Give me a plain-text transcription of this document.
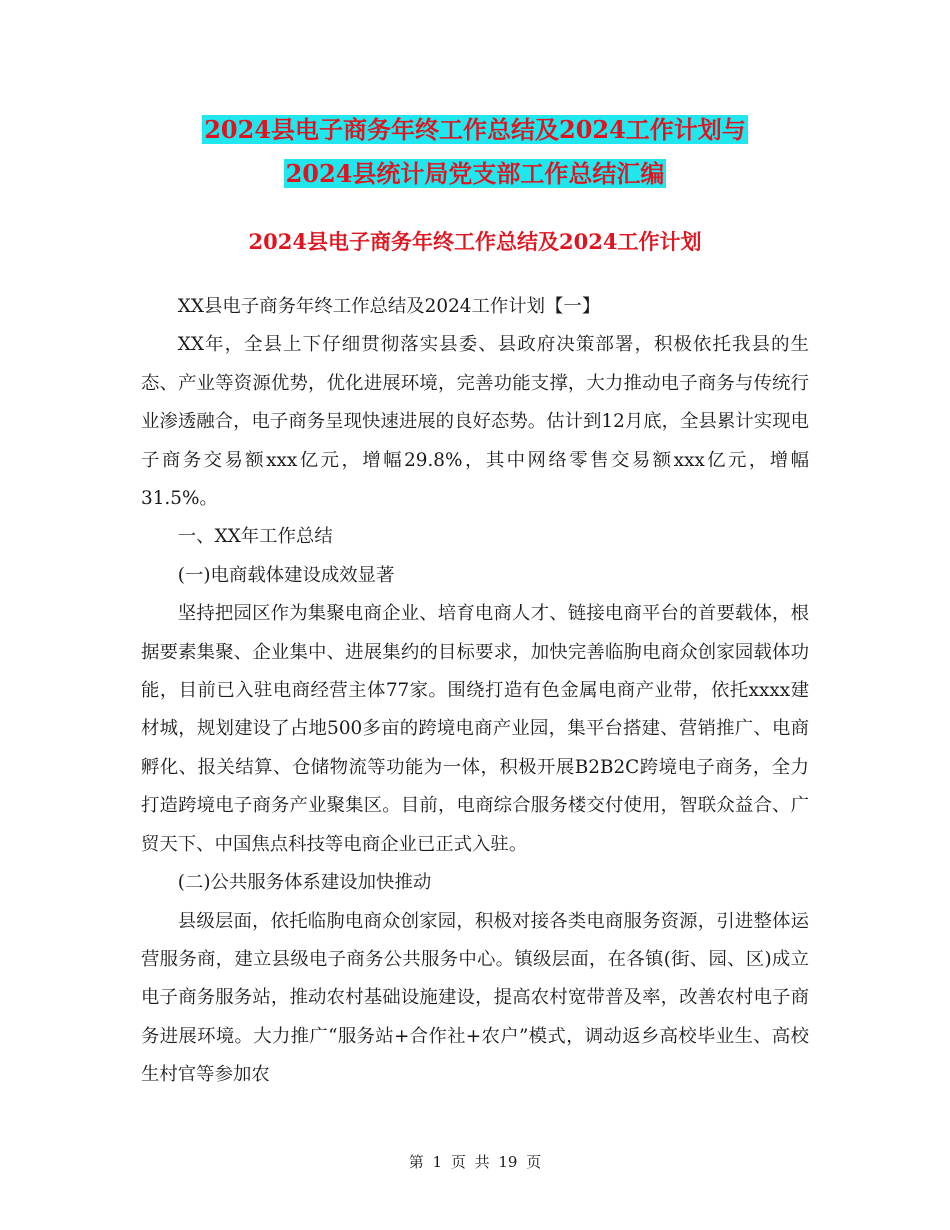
2024县电子商务年终工作总结及2024工作计划与
2024县统计局党支部工作总结汇编
2024县电子商务年终工作总结及2024工作计划

XX县电子商务年终工作总结及2024工作计划【一】

XX年，全县上下仔细贯彻落实县委、县政府决策部署，积极依托我县的生态、产业等资源优势，优化进展环境，完善功能支撑，大力推动电子商务与传统行业渗透融合，电子商务呈现快速进展的良好态势。估计到12月底，全县累计实现电子商务交易额xxx亿元，增幅29.8%，其中网络零售交易额xxx亿元，增幅31.5%。

一、XX年工作总结

(一)电商载体建设成效显著

坚持把园区作为集聚电商企业、培育电商人才、链接电商平台的首要载体，根据要素集聚、企业集中、进展集约的目标要求，加快完善临朐电商众创家园载体功能，目前已入驻电商经营主体77家。围绕打造有色金属电商产业带，依托xxxx建材城，规划建设了占地500多亩的跨境电商产业园，集平台搭建、营销推广、电商孵化、报关结算、仓储物流等功能为一体，积极开展B2B2C跨境电子商务，全力打造跨境电子商务产业聚集区。目前，电商综合服务楼交付使用，智联众益合、广贸天下、中国焦点科技等电商企业已正式入驻。

(二)公共服务体系建设加快推动

县级层面，依托临朐电商众创家园，积极对接各类电商服务资源，引进整体运营服务商，建立县级电子商务公共服务中心。镇级层面，在各镇(街、园、区)成立电子商务服务站，推动农村基础设施建设，提高农村宽带普及率，改善农村电子商务进展环境。大力推广“服务站+合作社+农户”模式，调动返乡高校毕业生、高校生村官等参加农

第 1 页 共 19 页
